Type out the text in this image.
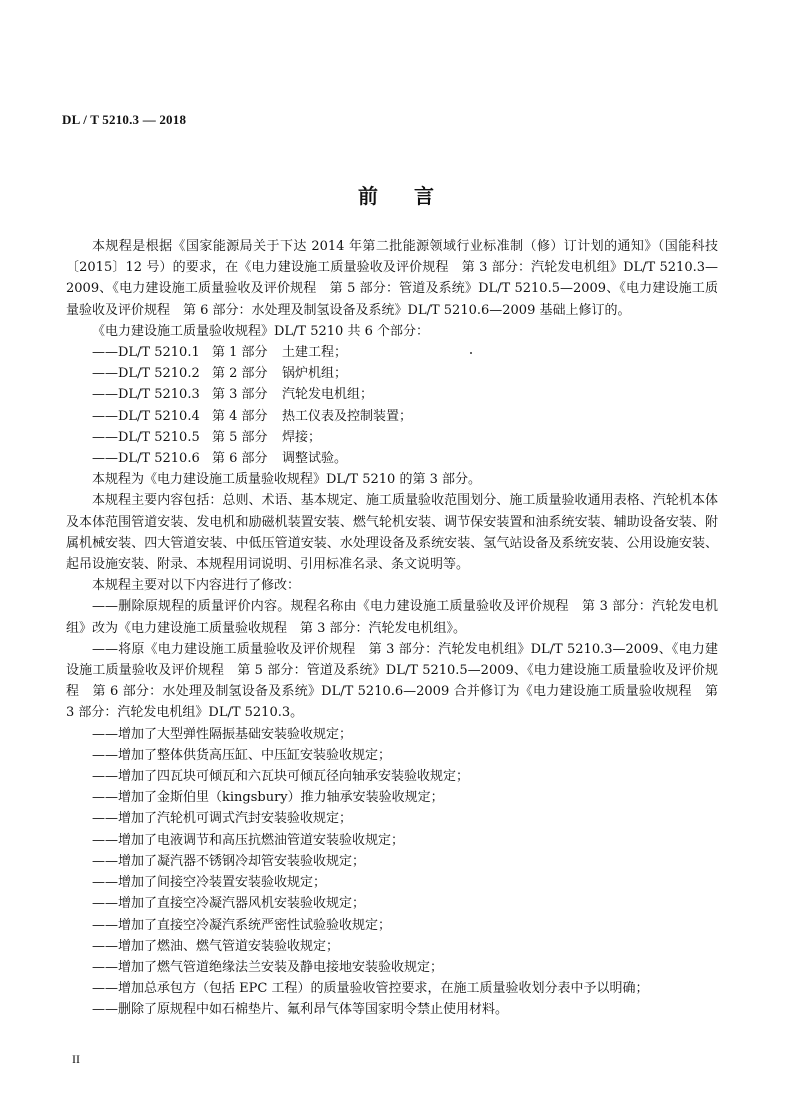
DL / T 5210.3 — 2018

前言

本规程是根据《国家能源局关于下达 2014 年第二批能源领域行业标准制（修）订计划的通知》（国能科技〔2015〕12 号）的要求，在《电力建设施工质量验收及评价规程　第 3 部分：汽轮发电机组》DL/T 5210.3—2009、《电力建设施工质量验收及评价规程　第 5 部分：管道及系统》DL/T 5210.5—2009、《电力建设施工质量验收及评价规程　第 6 部分：水处理及制氢设备及系统》DL/T 5210.6—2009 基础上修订的。

《电力建设施工质量验收规程》DL/T 5210 共 6 个部分：

——DL/T 5210.1 第 1 部分 土建工程；

——DL/T 5210.2 第 2 部分 锅炉机组；

——DL/T 5210.3 第 3 部分 汽轮发电机组；

——DL/T 5210.4 第 4 部分 热工仪表及控制装置；

——DL/T 5210.5 第 5 部分 焊接；

——DL/T 5210.6 第 6 部分 调整试验。

本规程为《电力建设施工质量验收规程》DL/T 5210 的第 3 部分。

本规程主要内容包括：总则、术语、基本规定、施工质量验收范围划分、施工质量验收通用表格、汽轮机本体及本体范围管道安装、发电机和励磁机装置安装、燃气轮机安装、调节保安装置和油系统安装、辅助设备安装、附属机械安装、四大管道安装、中低压管道安装、水处理设备及系统安装、氢气站设备及系统安装、公用设施安装、起吊设施安装、附录、本规程用词说明、引用标准名录、条文说明等。

本规程主要对以下内容进行了修改：

——删除原规程的质量评价内容。规程名称由《电力建设施工质量验收及评价规程　第 3 部分：汽轮发电机组》改为《电力建设施工质量验收规程　第 3 部分：汽轮发电机组》。

——将原《电力建设施工质量验收及评价规程　第 3 部分：汽轮发电机组》DL/T 5210.3—2009、《电力建设施工质量验收及评价规程　第 5 部分：管道及系统》DL/T 5210.5—2009、《电力建设施工质量验收及评价规程　第 6 部分：水处理及制氢设备及系统》DL/T 5210.6—2009 合并修订为《电力建设施工质量验收规程　第 3 部分：汽轮发电机组》DL/T 5210.3。

——增加了大型弹性隔振基础安装验收规定；

——增加了整体供货高压缸、中压缸安装验收规定；

——增加了四瓦块可倾瓦和六瓦块可倾瓦径向轴承安装验收规定；

——增加了金斯伯里（kingsbury）推力轴承安装验收规定；

——增加了汽轮机可调式汽封安装验收规定；

——增加了电液调节和高压抗燃油管道安装验收规定；

——增加了凝汽器不锈钢冷却管安装验收规定；

——增加了间接空冷装置安装验收规定；

——增加了直接空冷凝汽器风机安装验收规定；

——增加了直接空冷凝汽系统严密性试验验收规定；

——增加了燃油、燃气管道安装验收规定；

——增加了燃气管道绝缘法兰安装及静电接地安装验收规定；

——增加总承包方（包括 EPC 工程）的质量验收管控要求，在施工质量验收划分表中予以明确；

——删除了原规程中如石棉垫片、氟利昂气体等国家明令禁止使用材料。

II
